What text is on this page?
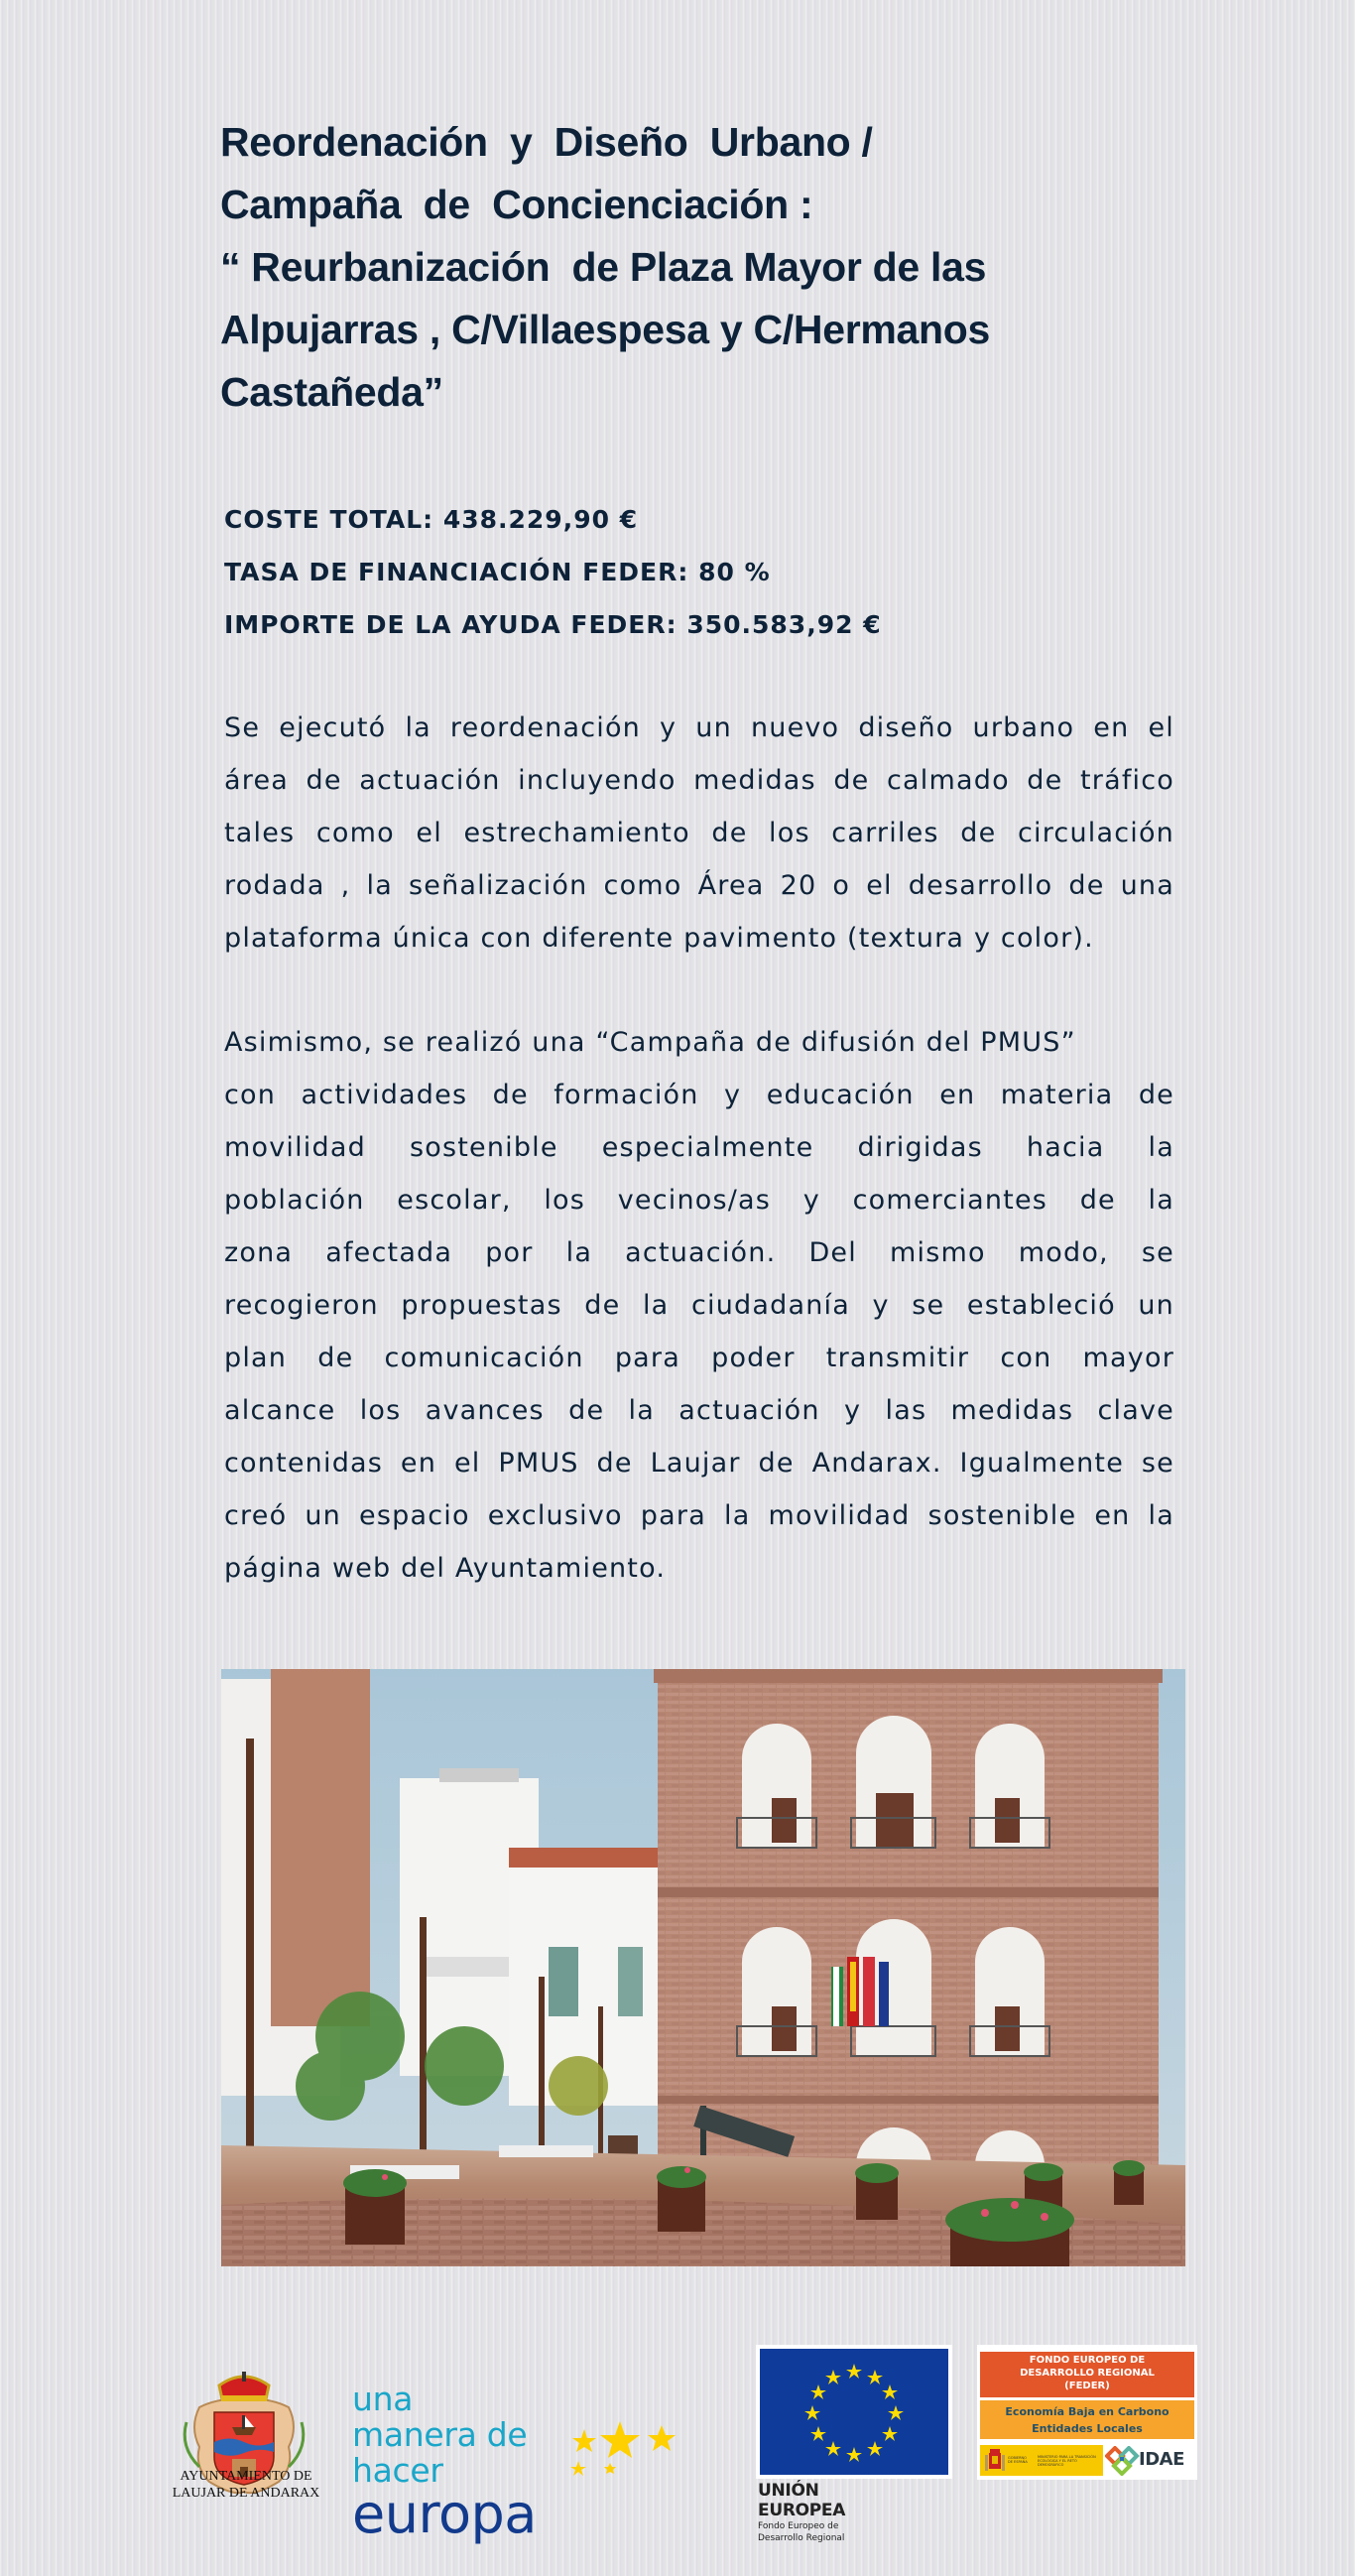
Reordenación  y  Diseño  Urbano /
Campaña  de  Concienciación :
“ Reurbanización  de Plaza Mayor de las
Alpujarras , C/Villaespesa y C/Hermanos
Castañeda”
COSTE TOTAL: 438.229,90 €
TASA DE FINANCIACIÓN FEDER: 80 %
IMPORTE DE LA AYUDA FEDER: 350.583,92 €
Se ejecutó la reordenación y un nuevo diseño urbano en el
área de actuación incluyendo medidas de calmado de tráfico
tales como el estrechamiento de los carriles de circulación
rodada , la señalización como Área 20 o el desarrollo de una
plataforma única con diferente pavimento (textura y color).
Asimismo, se realizó una “Campaña de difusión del PMUS”
con actividades de formación y educación en materia de
movilidad sostenible especialmente dirigidas hacia la
población escolar, los vecinos/as y comerciantes de la
zona afectada por la actuación. Del mismo modo, se
recogieron propuestas de la ciudadanía y se estableció un
plan de comunicación para poder transmitir con mayor
alcance los avances de la actuación y las medidas clave
contenidas en el PMUS de Laujar de Andarax. Igualmente se
creó un espacio exclusivo para la movilidad sostenible en la
página web del Ayuntamiento.
AYUNTAMIENTO DE
LAUJAR DE ANDARAX
una manera de hacer
europa	UNIÓN EUROPEA
Fondo Europeo de Desarrollo Regional
FONDO EUROPEO DE
DESARROLLO REGIONAL
(FEDER)
Economía Baja en Carbono
Entidades Locales
GOBIERNO DE ESPAÑA
MINISTERIO PARA LA TRANSICIÓN ECOLÓGICA Y EL RETO DEMOGRÁFICO	IDAE
